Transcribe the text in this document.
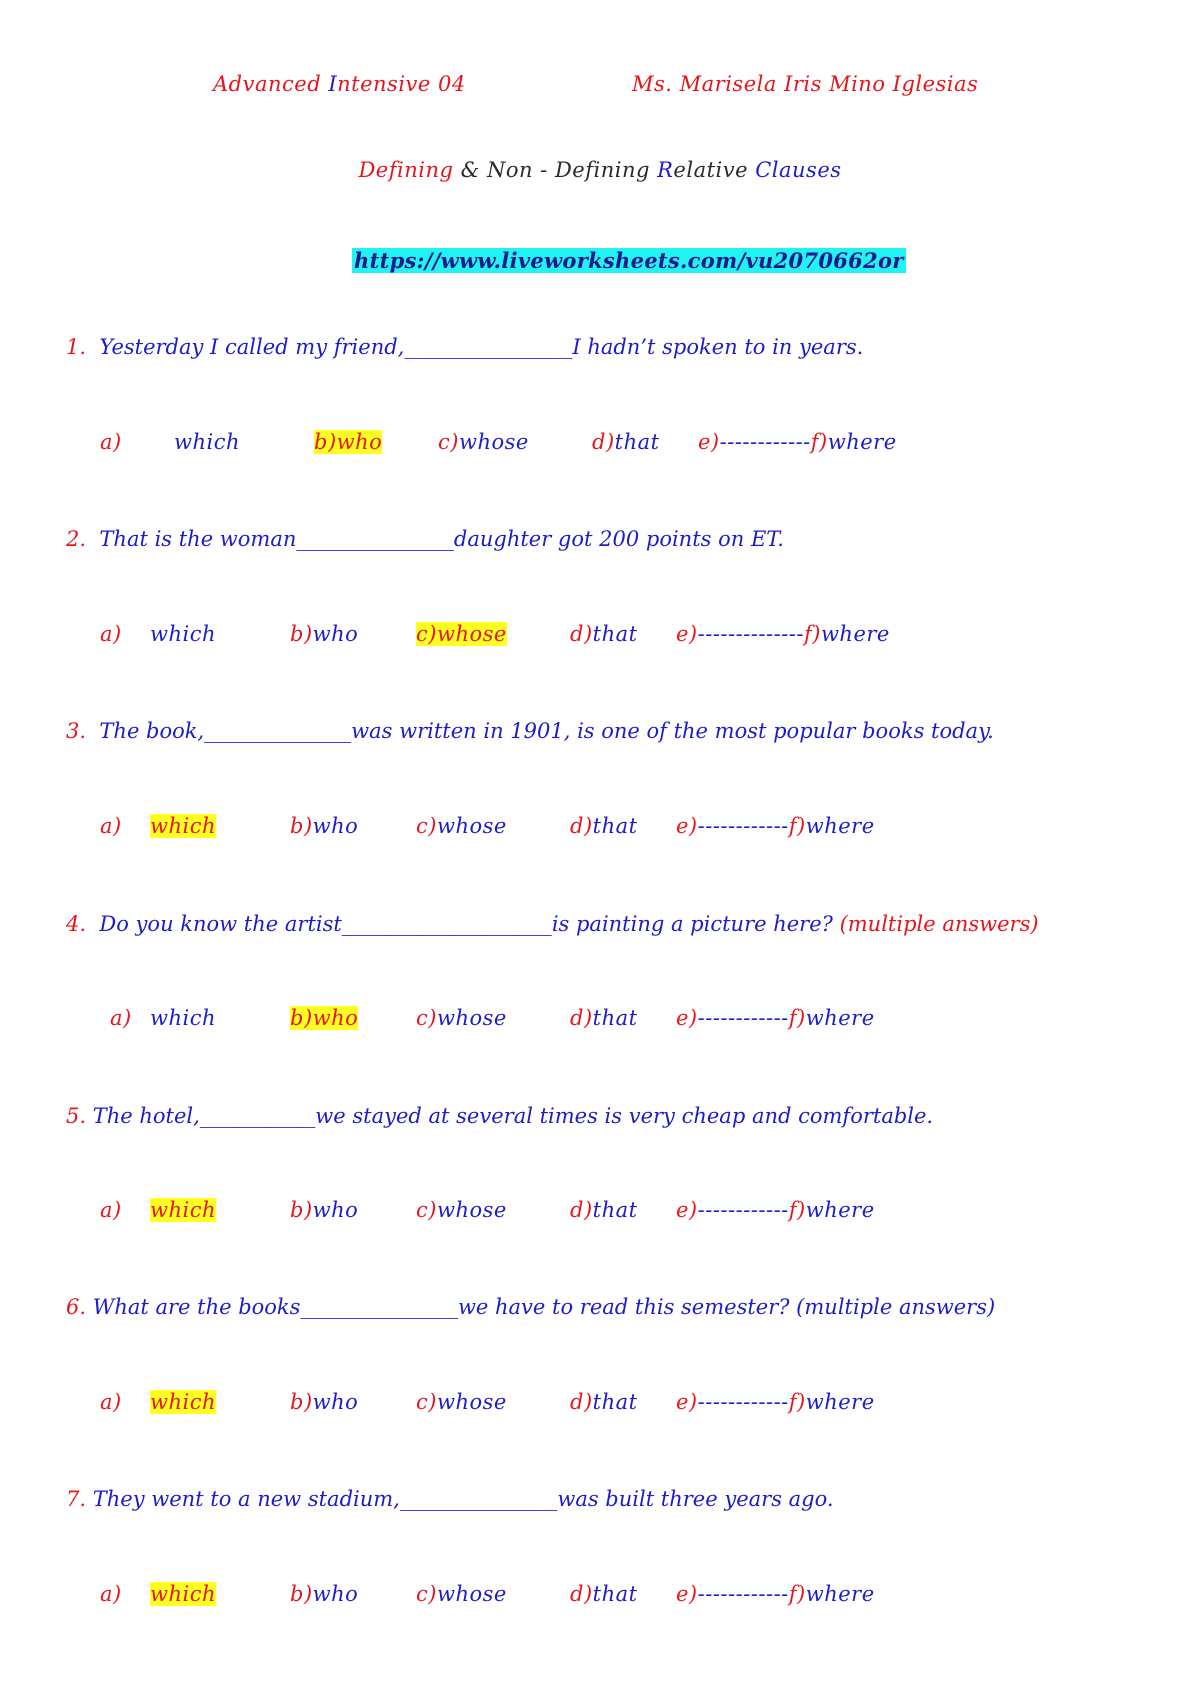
Advanced Intensive 04	Ms. Marisela Iris Mino Iglesias
Defining & Non - Defining Relative Clauses
https://www.liveworksheets.com/vu2070662or
1. Yesterday I called my friend,________________I hadn’t spoken to in years.
a) which	b)who	c)whose	d)that e)------------f)where
2. That is the woman_______________daughter got 200 points on ET.
a) which	b)who	c)whose	d)that e)--------------f)where
3. The book,______________was written in 1901, is one of the most popular books today.
a) which	b)who	c)whose	d)that e)------------f)where
4. Do you know the artist____________________is painting a picture here? (multiple answers)
a) which	b)who	c)whose	d)that e)------------f)where
5. The hotel,___________we stayed at several times is very cheap and comfortable.
a) which	b)who	c)whose	d)that e)------------f)where
6. What are the books_______________we have to read this semester? (multiple answers)
a) which	b)who	c)whose	d)that e)------------f)where
7. They went to a new stadium,_______________was built three years ago.
a) which	b)who	c)whose	d)that e)------------f)where
